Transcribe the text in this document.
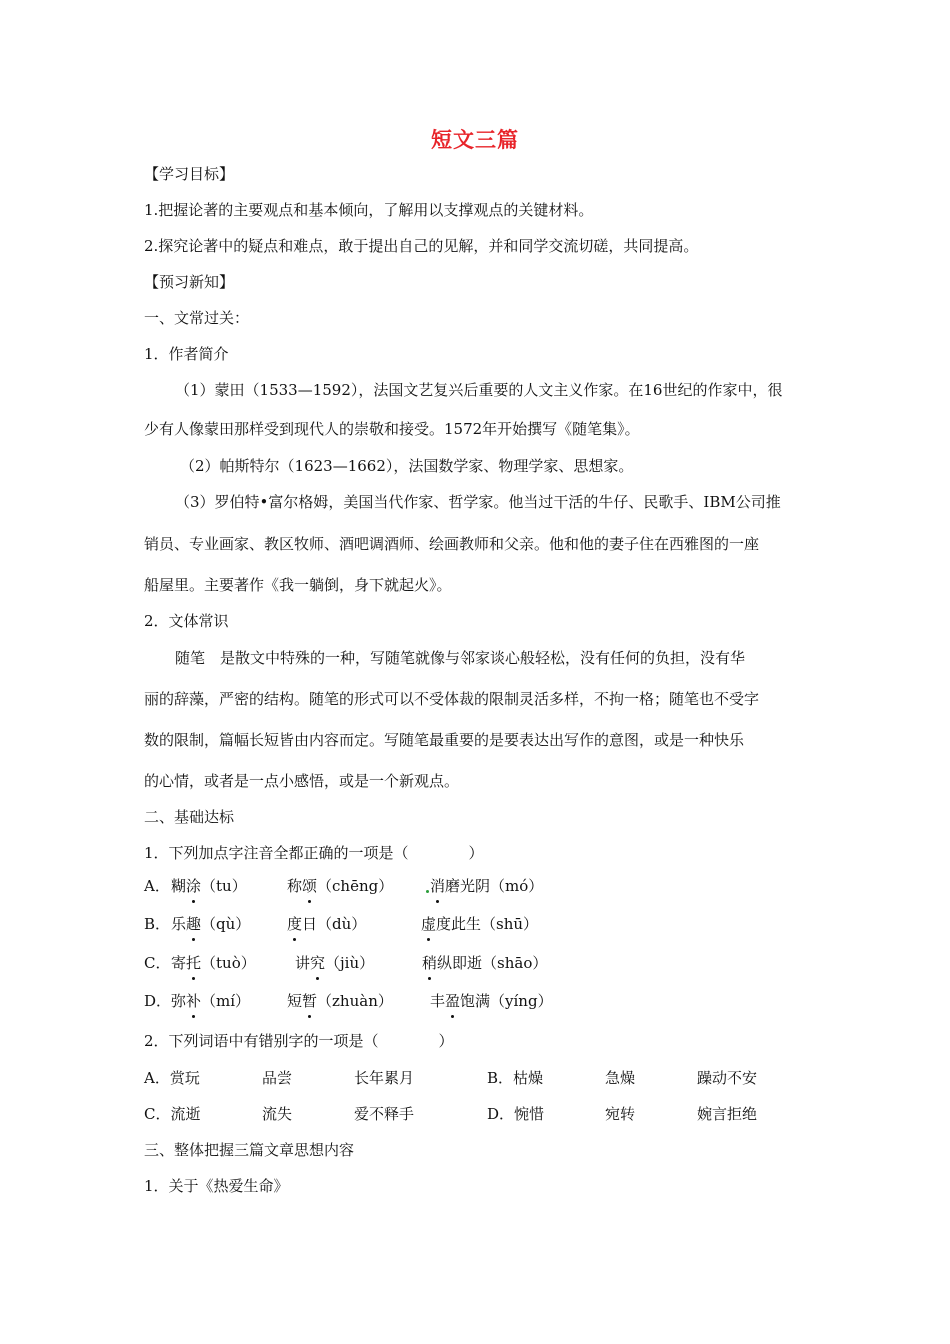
短文三篇
【学习目标】
1.把握论著的主要观点和基本倾向，了解用以支撑观点的关键材料。
2.探究论著中的疑点和难点，敢于提出自己的见解，并和同学交流切磋，共同提高。
【预习新知】
一、文常过关：
1．作者简介
（1）蒙田（1533—1592），法国文艺复兴后重要的人文主义作家。在16世纪的作家中，很
少有人像蒙田那样受到现代人的崇敬和接受。1572年开始撰写《随笔集》。
（2）帕斯特尔（1623—1662），法国数学家、物理学家、思想家。
（3）罗伯特•富尔格姆，美国当代作家、哲学家。他当过干活的牛仔、民歌手、IBM公司推
销员、专业画家、教区牧师、酒吧调酒师、绘画教师和父亲。他和他的妻子住在西雅图的一座
船屋里。主要著作《我一躺倒，身下就起火》。
2．文体常识
随笔　是散文中特殊的一种，写随笔就像与邻家谈心般轻松，没有任何的负担，没有华
丽的辞藻，严密的结构。随笔的形式可以不受体裁的限制灵活多样，不拘一格；随笔也不受字
数的限制，篇幅长短皆由内容而定。写随笔最重要的是要表达出写作的意图，或是一种快乐
的心情，或者是一点小感悟，或是一个新观点。
二、基础达标
1．下列加点字注音全都正确的一项是（　　　　）
A． 糊涂（tu）	称颂（chēng） 消磨光阴（mó）
B． 乐趣（qù） 度日（dù）	虚度此生（shū）
C． 寄托（tuò）	讲究（jiù）	稍纵即逝（shāo）
D． 弥补（mí） 短暂（zhuàn） 丰盈饱满（yíng）
2．下列词语中有错别字的一项是（　　　　）
A．赏玩	品尝	长年累月	B．枯燥	急燥	躁动不安
C．流逝	流失	爱不释手	D．惋惜	宛转	婉言拒绝
三、整体把握三篇文章思想内容
1．关于《热爱生命》
